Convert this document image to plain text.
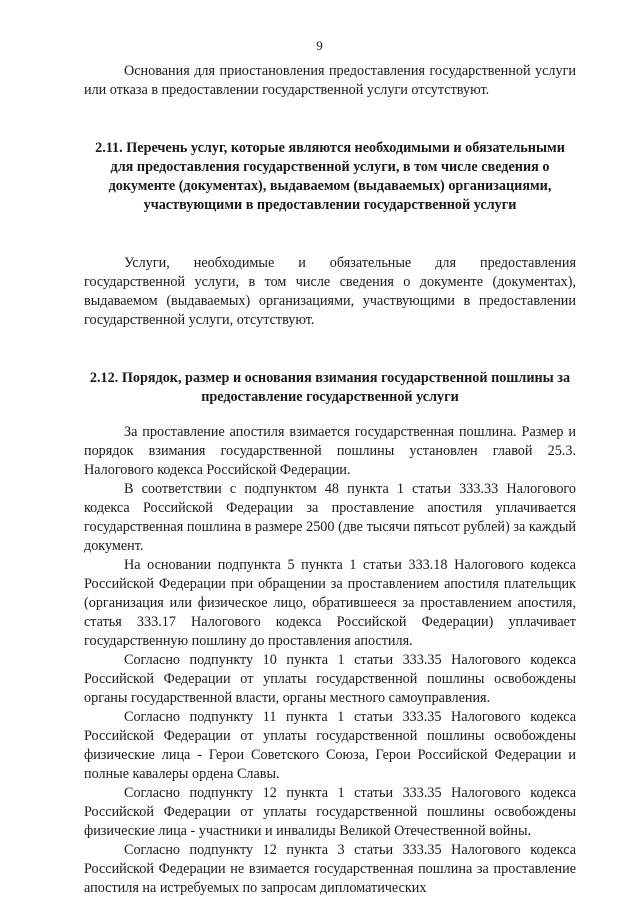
9

Основания для приостановления предоставления государственной услуги или отказа в предоставлении государственной услуги отсутствуют.

2.11. Перечень услуг, которые являются необходимыми и обязательными для предоставления государственной услуги, в том числе сведения о документе (документах), выдаваемом (выдаваемых) организациями, участвующими в предоставлении государственной услуги

Услуги, необходимые и обязательные для предоставления государственной услуги, в том числе сведения о документе (документах), выдаваемом (выдаваемых) организациями, участвующими в предоставлении государственной услуги, отсутствуют.

2.12. Порядок, размер и основания взимания государственной пошлины за предоставление государственной услуги

За проставление апостиля взимается государственная пошлина. Размер и порядок взимания государственной пошлины установлен главой 25.3. Налогового кодекса Российской Федерации.

В соответствии с подпунктом 48 пункта 1 статьи 333.33 Налогового кодекса Российской Федерации за проставление апостиля уплачивается государственная пошлина в размере 2500 (две тысячи пятьсот рублей) за каждый документ.

На основании подпункта 5 пункта 1 статьи 333.18 Налогового кодекса Российской Федерации при обращении за проставлением апостиля плательщик (организация или физическое лицо, обратившееся за проставлением апостиля, статья 333.17 Налогового кодекса Российской Федерации) уплачивает государственную пошлину до проставления апостиля.

Согласно подпункту 10 пункта 1 статьи 333.35 Налогового кодекса Российской Федерации от уплаты государственной пошлины освобождены органы государственной власти, органы местного самоуправления.

Согласно подпункту 11 пункта 1 статьи 333.35 Налогового кодекса Российской Федерации от уплаты государственной пошлины освобождены физические лица - Герои Советского Союза, Герои Российской Федерации и полные кавалеры ордена Славы.

Согласно подпункту 12 пункта 1 статьи 333.35 Налогового кодекса Российской Федерации от уплаты государственной пошлины освобождены физические лица - участники и инвалиды Великой Отечественной войны.

Согласно подпункту 12 пункта 3 статьи 333.35 Налогового кодекса Российской Федерации не взимается государственная пошлина за проставление апостиля на истребуемых по запросам дипломатических
